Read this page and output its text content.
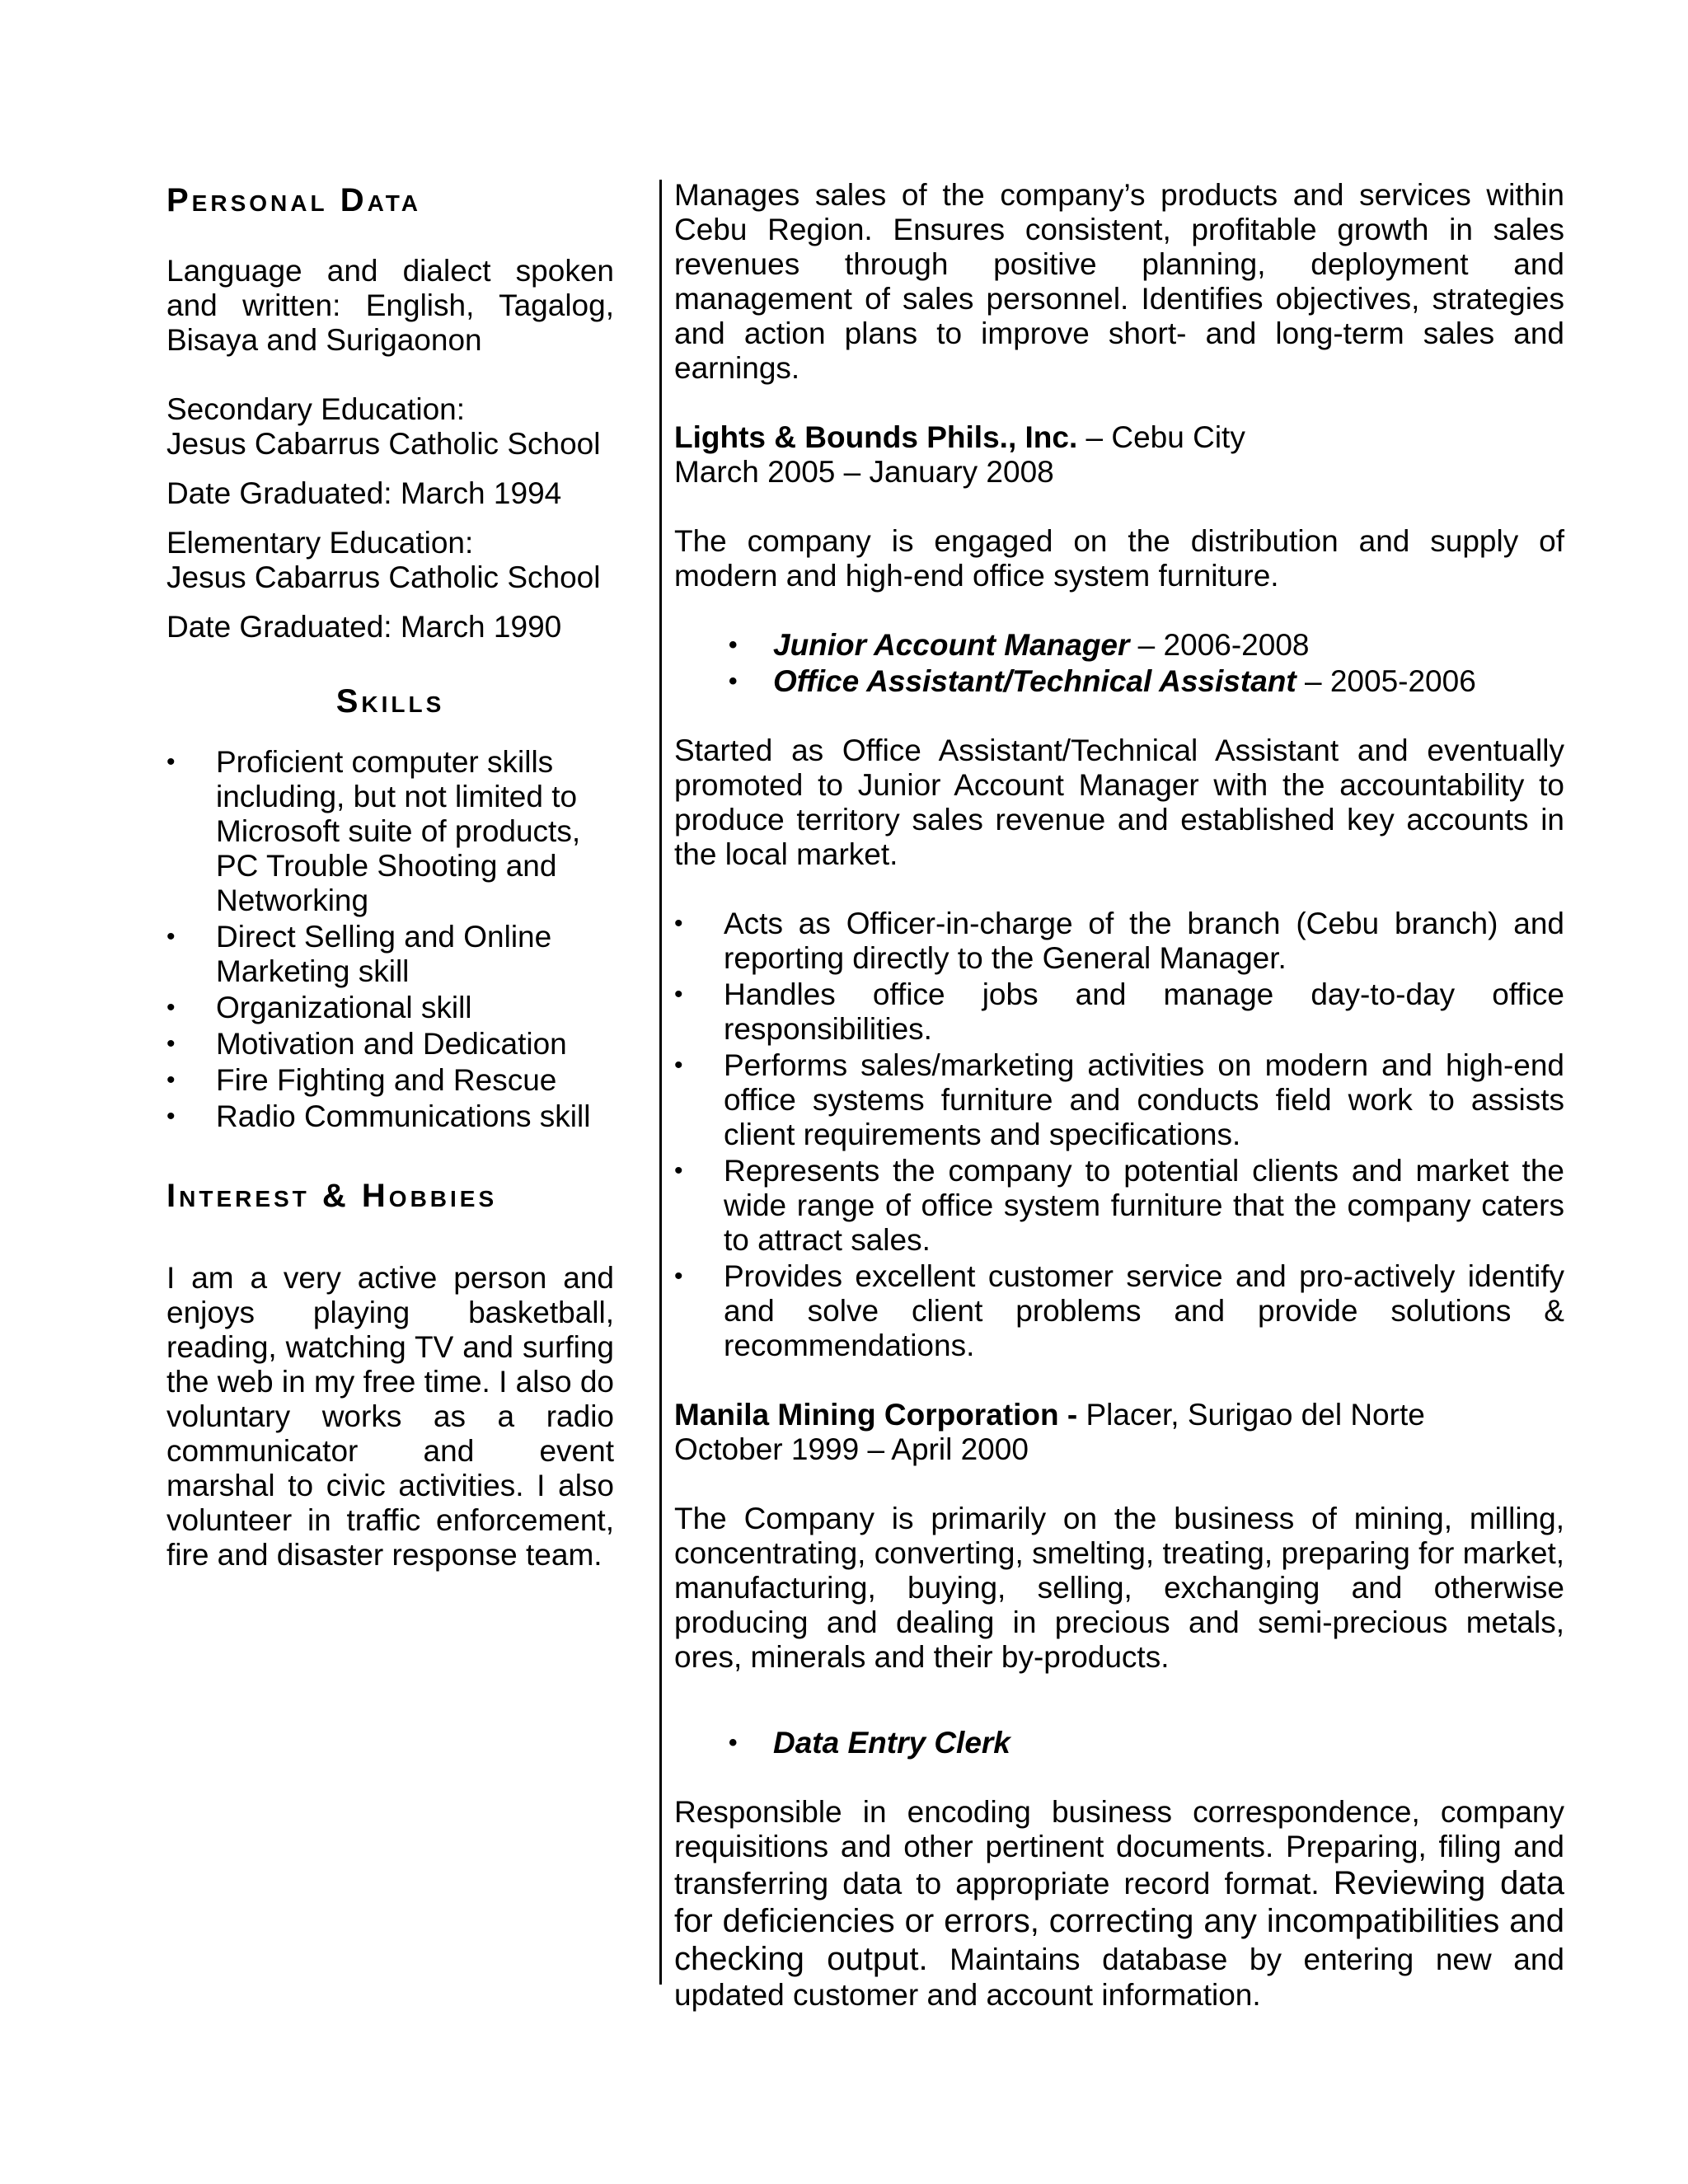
Personal Data

Language and dialect spoken and written: English, Tagalog, Bisaya and Surigaonon

Secondary Education:

Jesus Cabarrus Catholic School

Date Graduated: March 1994

Elementary Education:

Jesus Cabarrus Catholic School

Date Graduated: March 1990

Skills
• Proficient computer skills including, but not limited to Microsoft suite of products, PC Trouble Shooting and Networking
• Direct Selling and Online Marketing skill
• Organizational skill
• Motivation and Dedication
• Fire Fighting and Rescue
• Radio Communications skill
Interest & Hobbies

I am a very active person and enjoys playing basketball, reading, watching TV and surfing the web in my free time. I also do voluntary works as a radio communicator and event marshal to civic activities. I also volunteer in traffic enforcement, fire and disaster response team.

Manages sales of the company’s products and services within Cebu Region. Ensures consistent, profitable growth in sales revenues through positive planning, deployment and management of sales personnel. Identifies objectives, strategies and action plans to improve short- and long-term sales and earnings.

Lights & Bounds Phils., Inc. – Cebu City

March 2005 – January 2008

The company is engaged on the distribution and supply of modern and high-end office system furniture.

• Junior Account Manager – 2006-2008
• Office Assistant/Technical Assistant – 2005-2006

Started as Office Assistant/Technical Assistant and eventually promoted to Junior Account Manager with the accountability to produce territory sales revenue and established key accounts in the local market.

• Acts as Officer-in-charge of the branch (Cebu branch) and reporting directly to the General Manager.
• Handles office jobs and manage day-to-day office responsibilities.
• Performs sales/marketing activities on modern and high-end office systems furniture and conducts field work to assists client requirements and specifications.
• Represents the company to potential clients and market the wide range of office system furniture that the company caters to attract sales.
• Provides excellent customer service and pro-actively identify and solve client problems and provide solutions & recommendations.

Manila Mining Corporation - Placer, Surigao del Norte

October 1999 – April 2000

The Company is primarily on the business of mining, milling, concentrating, converting, smelting, treating, preparing for market, manufacturing, buying, selling, exchanging and otherwise producing and dealing in precious and semi-precious metals, ores, minerals and their by-products.

• Data Entry Clerk

Responsible in encoding business correspondence, company requisitions and other pertinent documents. Preparing, filing and transferring data to appropriate record format. Reviewing data for deficiencies or errors, correcting any incompatibilities and checking output. Maintains database by entering new and updated customer and account information.
